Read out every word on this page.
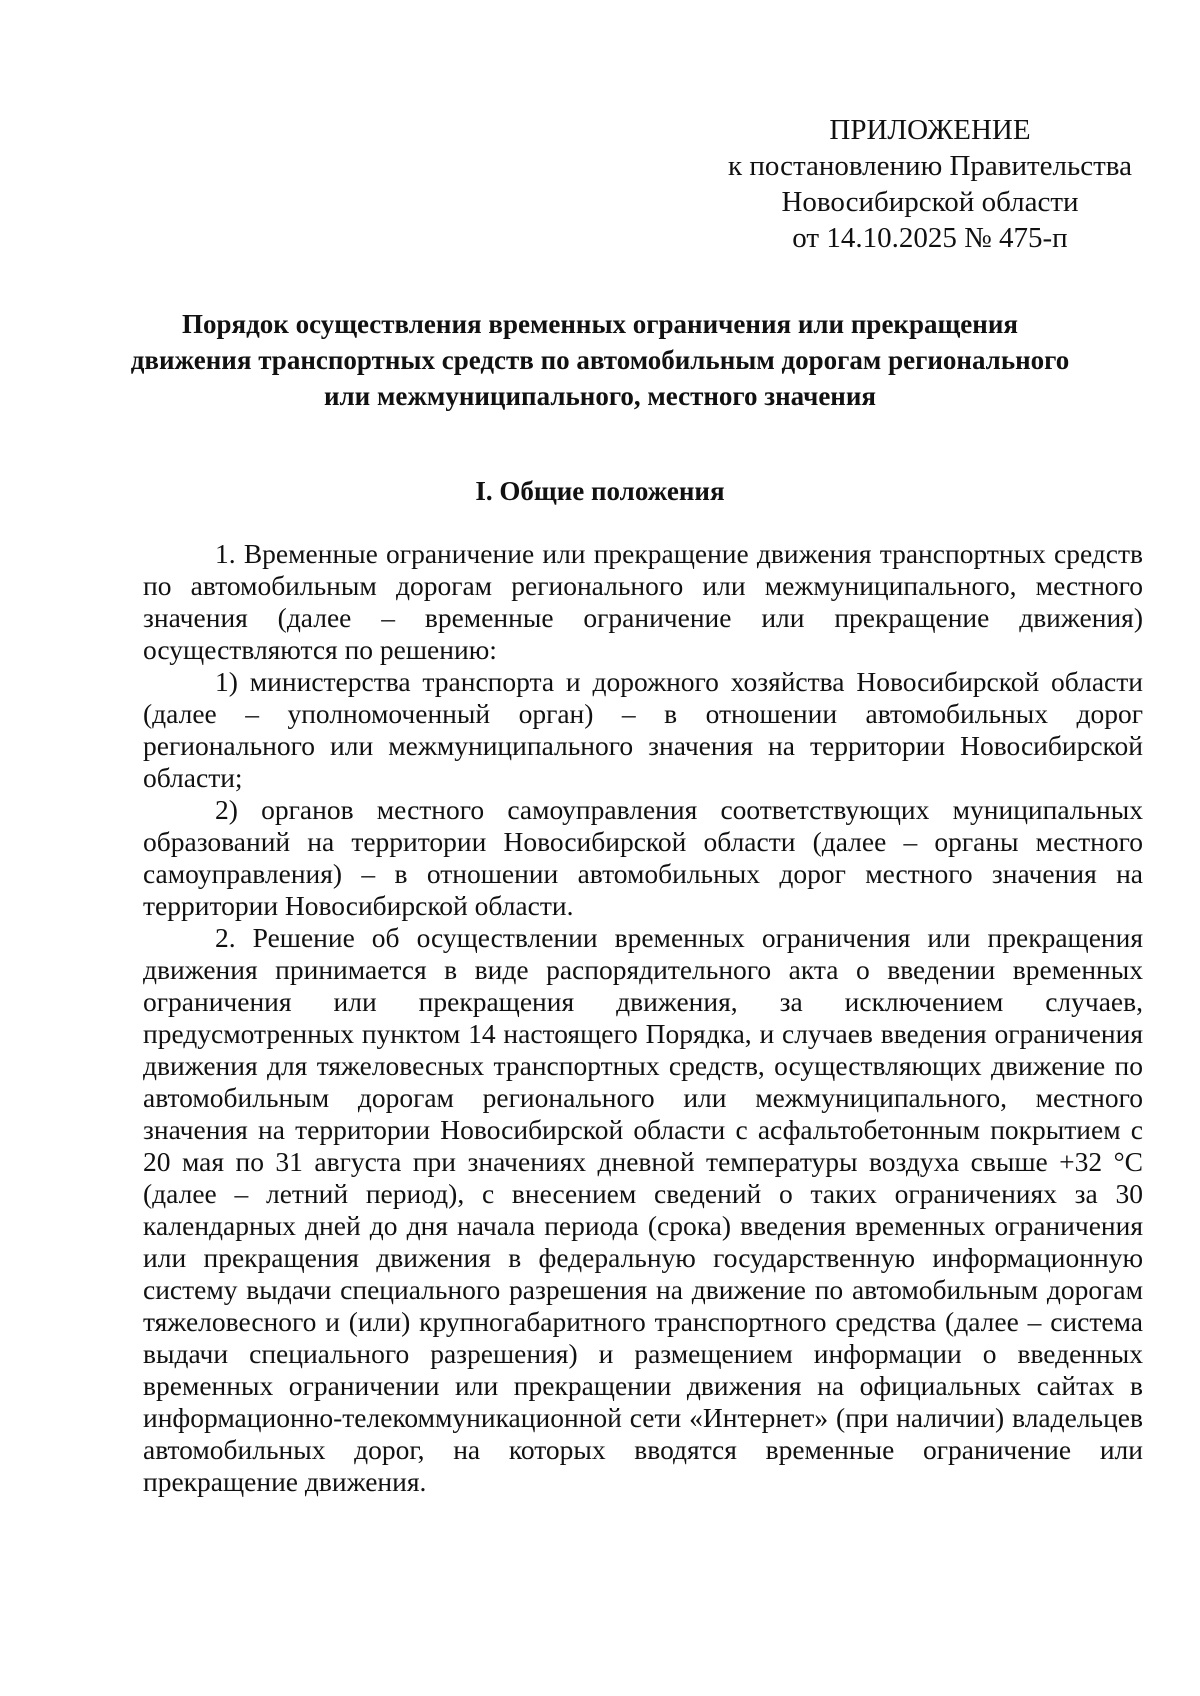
ПРИЛОЖЕНИЕ
к постановлению Правительства
Новосибирской области
от 14.10.2025 № 475-п
Порядок осуществления временных ограничения или прекращения
движения транспортных средств по автомобильным дорогам регионального
или межмуниципального, местного значения
I. Общие положения

1. Временные ограничение или прекращение движения транспортных средств по автомобильным дорогам регионального или межмуниципального, местного значения (далее – временные ограничение или прекращение движения) осуществляются по решению:

1) министерства транспорта и дорожного хозяйства Новосибирской области (далее – уполномоченный орган) – в отношении автомобильных дорог регионального или межмуниципального значения на территории Новосибирской области;

2) органов местного самоуправления соответствующих муниципальных образований на территории Новосибирской области (далее – органы местного самоуправления) – в отношении автомобильных дорог местного значения на территории Новосибирской области.

2. Решение об осуществлении временных ограничения или прекращения движения принимается в виде распорядительного акта о введении временных ограничения или прекращения движения, за исключением случаев, предусмотренных пунктом 14 настоящего Порядка, и случаев введения ограничения движения для тяжеловесных транспортных средств, осуществляющих движение по автомобильным дорогам регионального или межмуниципального, местного значения на территории Новосибирской области с асфальтобетонным покрытием с 20 мая по 31 августа при значениях дневной температуры воздуха свыше +32 °C (далее – летний период), с внесением сведений о таких ограничениях за 30 календарных дней до дня начала периода (срока) введения временных ограничения или прекращения движения в федеральную государственную информационную систему выдачи специального разрешения на движение по автомобильным дорогам тяжеловесного и (или) крупногабаритного транспортного средства (далее – система выдачи специального разрешения) и размещением информации о введенных временных ограничении или прекращении движения на официальных сайтах в информационно-телекоммуникационной сети «Интернет» (при наличии) владельцев автомобильных дорог, на которых вводятся временные ограничение или прекращение движения.
